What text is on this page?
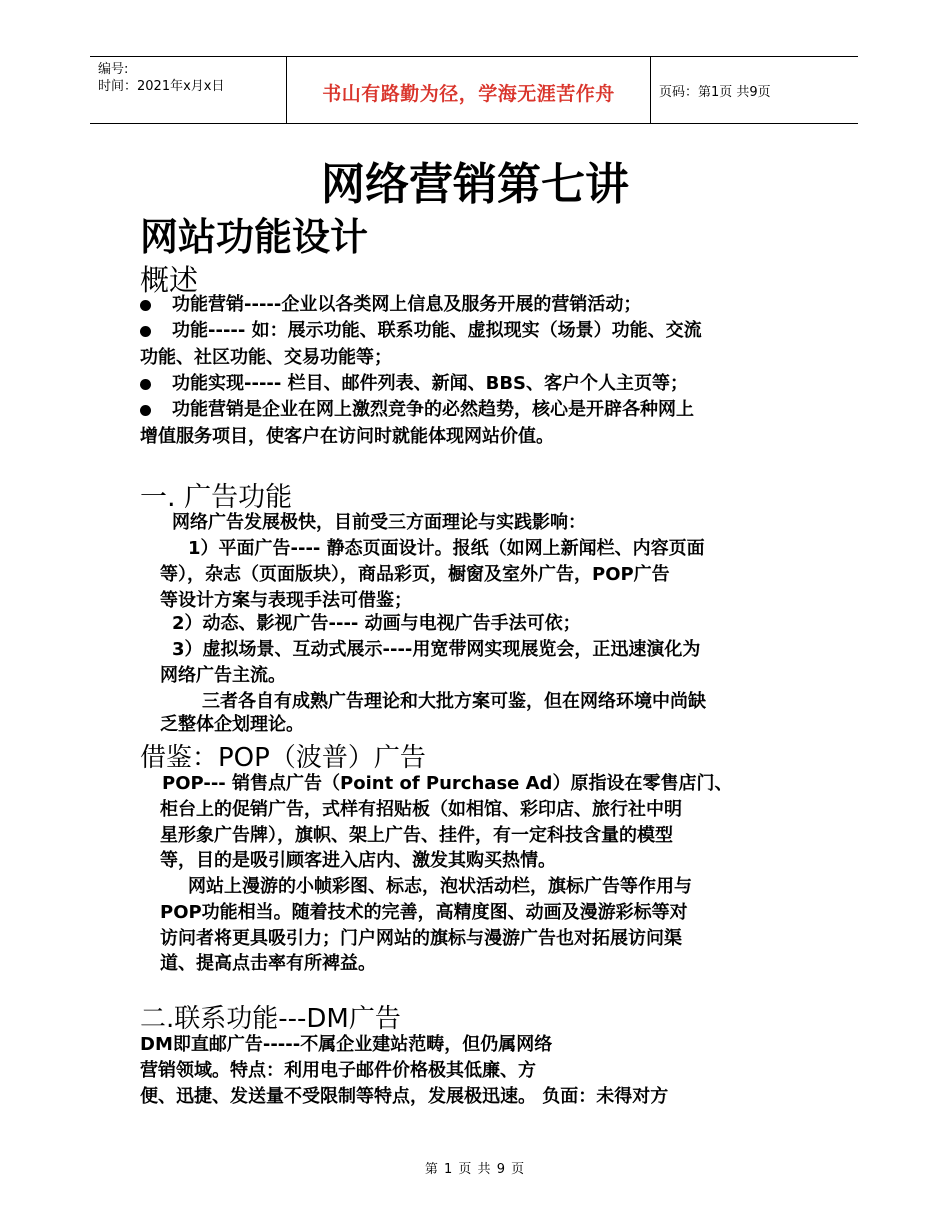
编号:
时间：2021年x月x日	书山有路勤为径，学海无涯苦作舟	页码：第1页 共9页
网络营销第七讲
网站功能设计
概述
功能营销-----企业以各类网上信息及服务开展的营销活动；
功能----- 如：展示功能、联系功能、虚拟现实（场景）功能、交流
功能、社区功能、交易功能等；
功能实现----- 栏目、邮件列表、新闻、BBS、客户个人主页等；
功能营销是企业在网上激烈竞争的必然趋势，核心是开辟各种网上
增值服务项目，使客户在访问时就能体现网站价值。
一. 广告功能
网络广告发展极快，目前受三方面理论与实践影响：
1）平面广告---- 静态页面设计。报纸（如网上新闻栏、内容页面
等），杂志（页面版块），商品彩页，橱窗及室外广告，POP广告
等设计方案与表现手法可借鉴；
2）动态、影视广告---- 动画与电视广告手法可依；
3）虚拟场景、互动式展示----用宽带网实现展览会，正迅速演化为
网络广告主流。
三者各自有成熟广告理论和大批方案可鉴，但在网络环境中尚缺
乏整体企划理论。
借鉴：POP（波普）广告
POP--- 销售点广告（Point of Purchase Ad）原指设在零售店门、
柜台上的促销广告，式样有招贴板（如相馆、彩印店、旅行社中明
星形象广告牌），旗帜、架上广告、挂件，有一定科技含量的模型
等，目的是吸引顾客进入店内、激发其购买热情。
网站上漫游的小帧彩图、标志，泡状活动栏，旗标广告等作用与
POP功能相当。随着技术的完善，高精度图、动画及漫游彩标等对
访问者将更具吸引力；门户网站的旗标与漫游广告也对拓展访问渠
道、提高点击率有所裨益。
二.联系功能---DM广告
DM即直邮广告-----不属企业建站范畴，但仍属网络
营销领域。特点：利用电子邮件价格极其低廉、方
便、迅捷、发送量不受限制等特点，发展极迅速。 负面：未得对方
第 1 页 共 9 页
